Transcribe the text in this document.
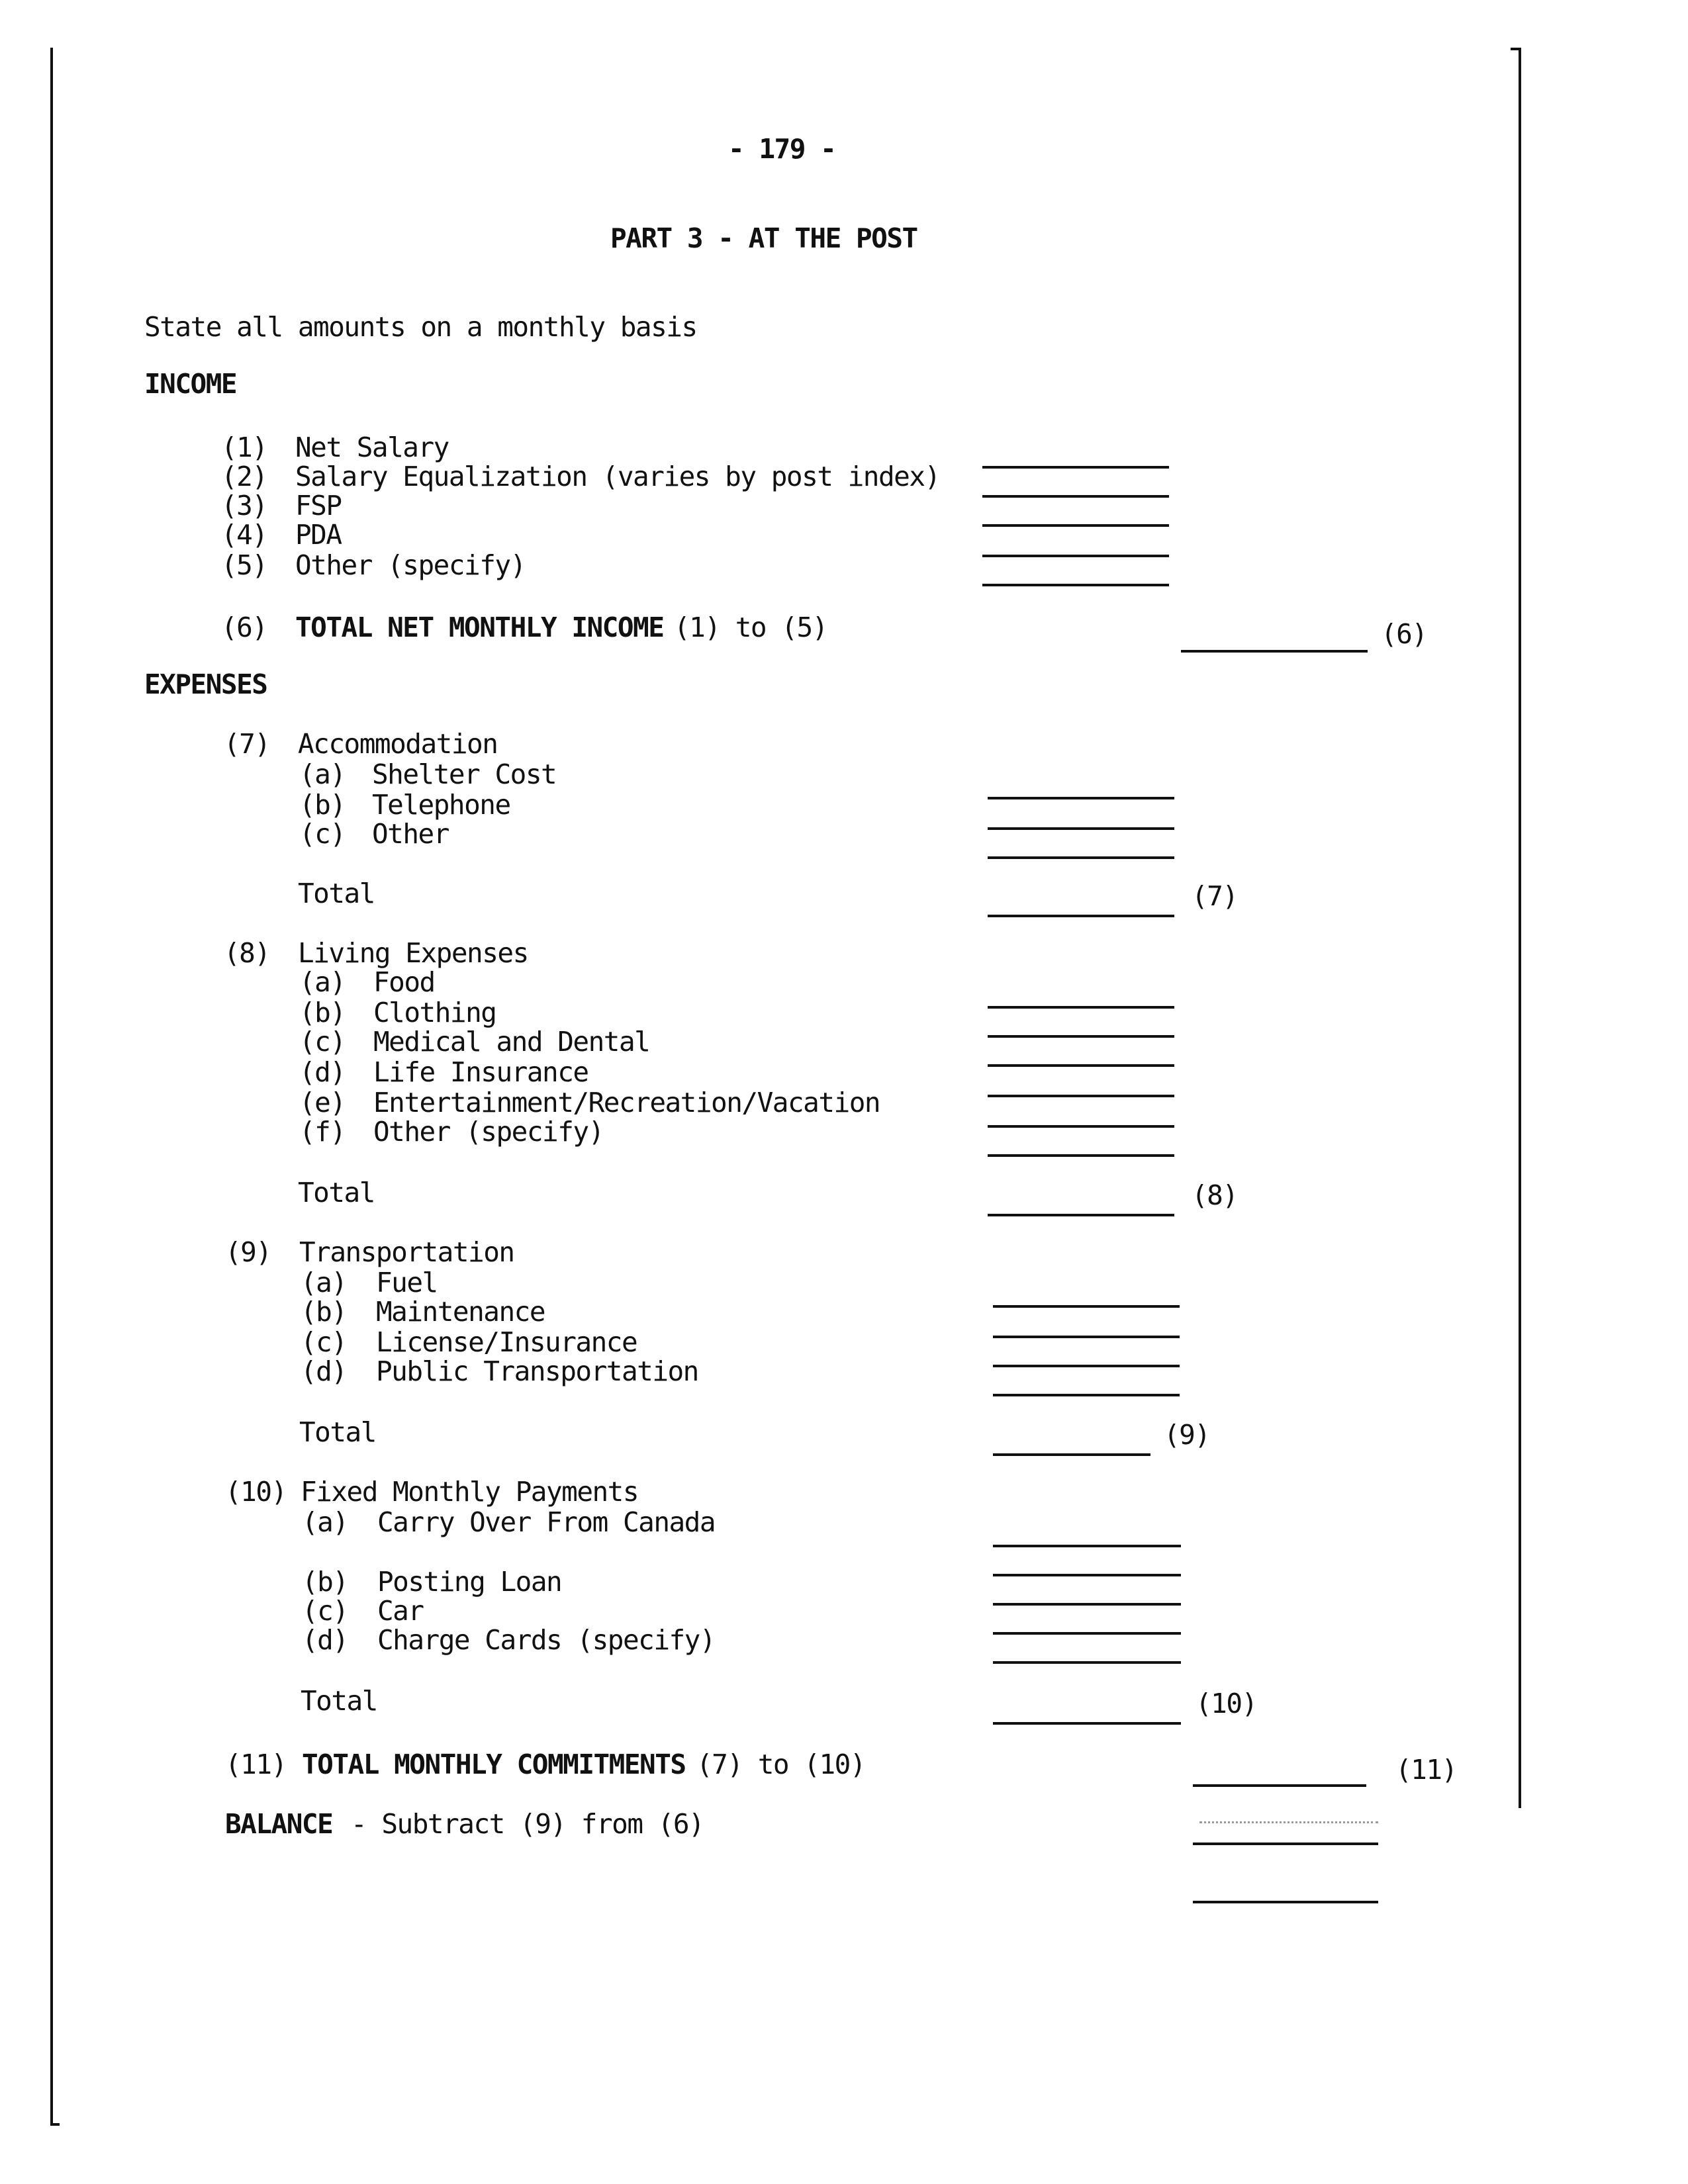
- 179 -
PART 3 - AT THE POST
State all amounts on a monthly basis
INCOME
(1) Net Salary
(2) Salary Equalization (varies by post index)
(3) FSP
(4) PDA
(5) Other (specify)
(6) TOTAL NET MONTHLY INCOME (1) to (5)	(6)
EXPENSES
(7) Accommodation
(a) Shelter Cost
(b) Telephone
(c) Other
Total	(7)
(8) Living Expenses
(a) Food
(b) Clothing
(c) Medical and Dental
(d) Life Insurance
(e) Entertainment/Recreation/Vacation
(f) Other (specify)
Total	(8)
(9) Transportation
(a) Fuel
(b) Maintenance
(c) License/Insurance
(d) Public Transportation
Total	(9)
(10) Fixed Monthly Payments
(a) Carry Over From Canada
(b) Posting Loan
(c) Car
(d) Charge Cards (specify)
Total	(10)
(11) TOTAL MONTHLY COMMITMENTS (7) to (10)	(11)
BALANCE - Subtract (9) from (6)
